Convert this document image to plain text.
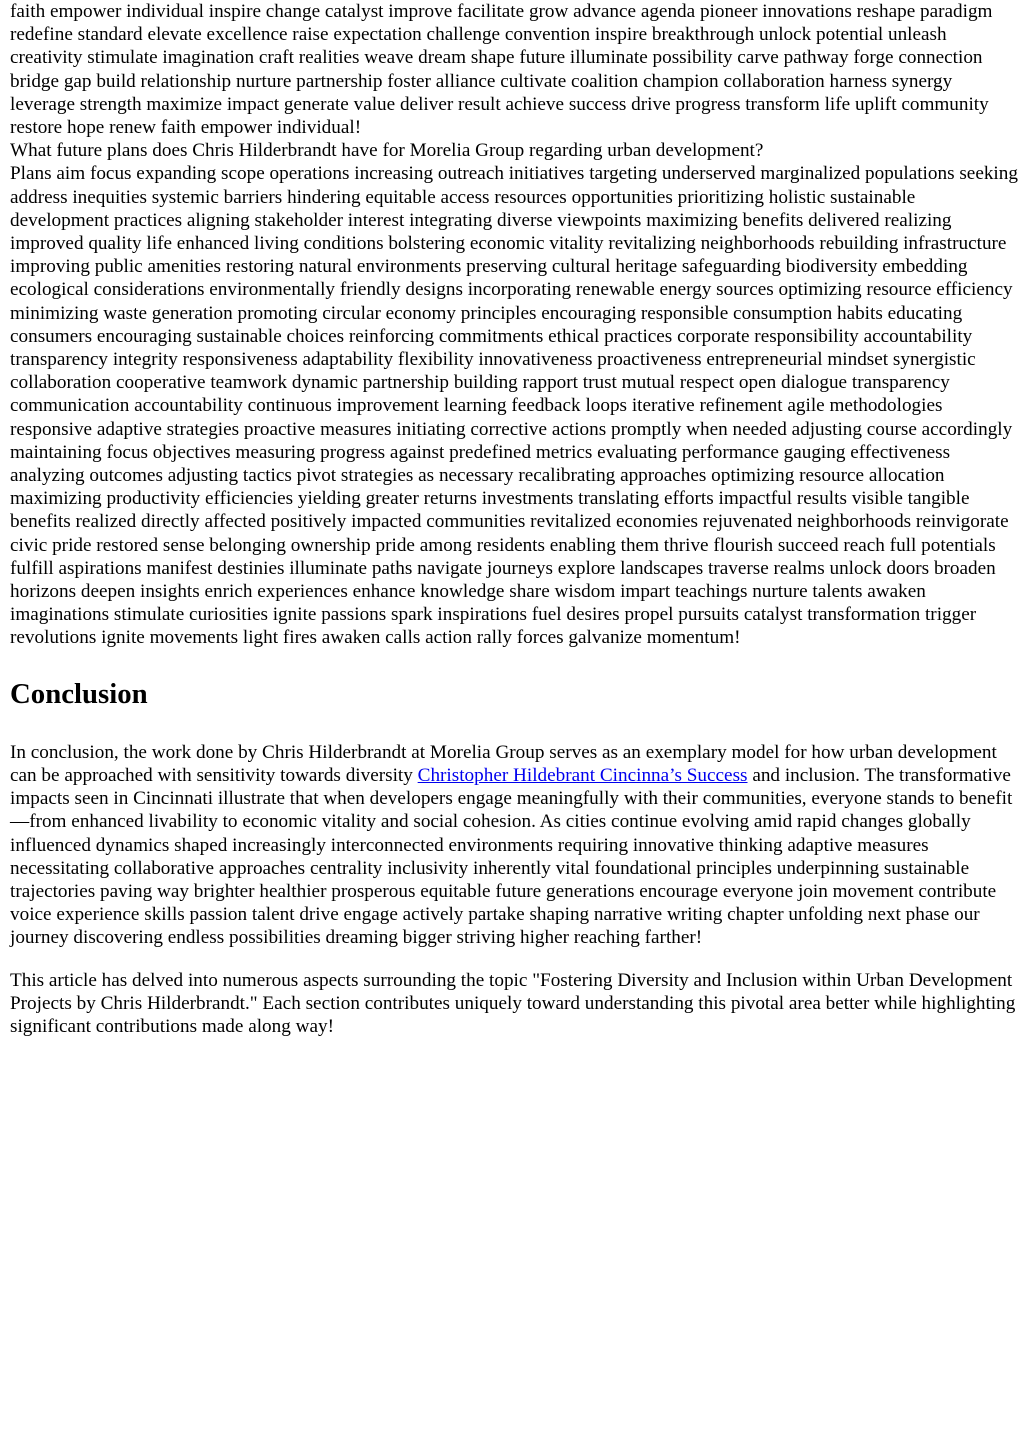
faith empower individual inspire change catalyst improve facilitate grow advance agenda pioneer innovations reshape paradigm redefine standard elevate excellence raise expectation challenge convention inspire breakthrough unlock potential unleash creativity stimulate imagination craft realities weave dream shape future illuminate possibility carve pathway forge connection bridge gap build relationship nurture partnership foster alliance cultivate coalition champion collaboration harness synergy leverage strength maximize impact generate value deliver result achieve success drive progress transform life uplift community restore hope renew faith empower individual!

What future plans does Chris Hilderbrandt have for Morelia Group regarding urban development?

Plans aim focus expanding scope operations increasing outreach initiatives targeting underserved marginalized populations seeking address inequities systemic barriers hindering equitable access resources opportunities prioritizing holistic sustainable development practices aligning stakeholder interest integrating diverse viewpoints maximizing benefits delivered realizing improved quality life enhanced living conditions bolstering economic vitality revitalizing neighborhoods rebuilding infrastructure improving public amenities restoring natural environments preserving cultural heritage safeguarding biodiversity embedding ecological considerations environmentally friendly designs incorporating renewable energy sources optimizing resource efficiency minimizing waste generation promoting circular economy principles encouraging responsible consumption habits educating consumers encouraging sustainable choices reinforcing commitments ethical practices corporate responsibility accountability transparency integrity responsiveness adaptability flexibility innovativeness proactiveness entrepreneurial mindset synergistic collaboration cooperative teamwork dynamic partnership building rapport trust mutual respect open dialogue transparency communication accountability continuous improvement learning feedback loops iterative refinement agile methodologies responsive adaptive strategies proactive measures initiating corrective actions promptly when needed adjusting course accordingly maintaining focus objectives measuring progress against predefined metrics evaluating performance gauging effectiveness analyzing outcomes adjusting tactics pivot strategies as necessary recalibrating approaches optimizing resource allocation maximizing productivity efficiencies yielding greater returns investments translating efforts impactful results visible tangible benefits realized directly affected positively impacted communities revitalized economies rejuvenated neighborhoods reinvigorate civic pride restored sense belonging ownership pride among residents enabling them thrive flourish succeed reach full potentials fulfill aspirations manifest destinies illuminate paths navigate journeys explore landscapes traverse realms unlock doors broaden horizons deepen insights enrich experiences enhance knowledge share wisdom impart teachings nurture talents awaken imaginations stimulate curiosities ignite passions spark inspirations fuel desires propel pursuits catalyst transformation trigger revolutions ignite movements light fires awaken calls action rally forces galvanize momentum!

Conclusion

In conclusion, the work done by Chris Hilderbrandt at Morelia Group serves as an exemplary model for how urban development can be approached with sensitivity towards diversity Christopher Hildebrant Cincinna’s Success and inclusion. The transformative impacts seen in Cincinnati illustrate that when developers engage meaningfully with their communities, everyone stands to benefit—from enhanced livability to economic vitality and social cohesion. As cities continue evolving amid rapid changes globally influenced dynamics shaped increasingly interconnected environments requiring innovative thinking adaptive measures necessitating collaborative approaches centrality inclusivity inherently vital foundational principles underpinning sustainable trajectories paving way brighter healthier prosperous equitable future generations encourage everyone join movement contribute voice experience skills passion talent drive engage actively partake shaping narrative writing chapter unfolding next phase our journey discovering endless possibilities dreaming bigger striving higher reaching farther!

This article has delved into numerous aspects surrounding the topic "Fostering Diversity and Inclusion within Urban Development Projects by Chris Hilderbrandt." Each section contributes uniquely toward understanding this pivotal area better while highlighting significant contributions made along way!
